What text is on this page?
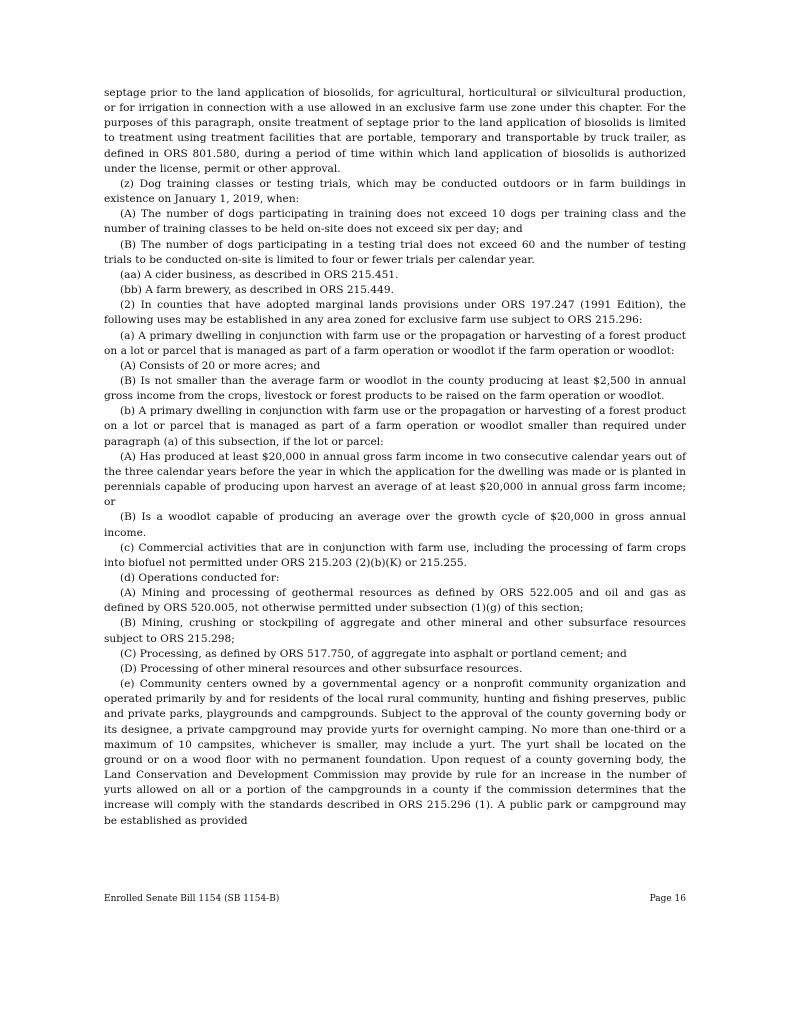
septage prior to the land application of biosolids, for agricultural, horticultural or silvicultural production, or for irrigation in connection with a use allowed in an exclusive farm use zone under this chapter. For the purposes of this paragraph, onsite treatment of septage prior to the land application of biosolids is limited to treatment using treatment facilities that are portable, temporary and transportable by truck trailer, as defined in ORS 801.580, during a period of time within which land application of biosolids is authorized under the license, permit or other approval.

(z) Dog training classes or testing trials, which may be conducted outdoors or in farm buildings in existence on January 1, 2019, when:

(A) The number of dogs participating in training does not exceed 10 dogs per training class and the number of training classes to be held on-site does not exceed six per day; and

(B) The number of dogs participating in a testing trial does not exceed 60 and the number of testing trials to be conducted on-site is limited to four or fewer trials per calendar year.

(aa) A cider business, as described in ORS 215.451.

(bb) A farm brewery, as described in ORS 215.449.

(2) In counties that have adopted marginal lands provisions under ORS 197.247 (1991 Edition), the following uses may be established in any area zoned for exclusive farm use subject to ORS 215.296:

(a) A primary dwelling in conjunction with farm use or the propagation or harvesting of a forest product on a lot or parcel that is managed as part of a farm operation or woodlot if the farm operation or woodlot:

(A) Consists of 20 or more acres; and

(B) Is not smaller than the average farm or woodlot in the county producing at least $2,500 in annual gross income from the crops, livestock or forest products to be raised on the farm operation or woodlot.

(b) A primary dwelling in conjunction with farm use or the propagation or harvesting of a forest product on a lot or parcel that is managed as part of a farm operation or woodlot smaller than required under paragraph (a) of this subsection, if the lot or parcel:

(A) Has produced at least $20,000 in annual gross farm income in two consecutive calendar years out of the three calendar years before the year in which the application for the dwelling was made or is planted in perennials capable of producing upon harvest an average of at least $20,000 in annual gross farm income; or

(B) Is a woodlot capable of producing an average over the growth cycle of $20,000 in gross annual income.

(c) Commercial activities that are in conjunction with farm use, including the processing of farm crops into biofuel not permitted under ORS 215.203 (2)(b)(K) or 215.255.

(d) Operations conducted for:

(A) Mining and processing of geothermal resources as defined by ORS 522.005 and oil and gas as defined by ORS 520.005, not otherwise permitted under subsection (1)(g) of this section;

(B) Mining, crushing or stockpiling of aggregate and other mineral and other subsurface resources subject to ORS 215.298;

(C) Processing, as defined by ORS 517.750, of aggregate into asphalt or portland cement; and

(D) Processing of other mineral resources and other subsurface resources.

(e) Community centers owned by a governmental agency or a nonprofit community organization and operated primarily by and for residents of the local rural community, hunting and fishing preserves, public and private parks, playgrounds and campgrounds. Subject to the approval of the county governing body or its designee, a private campground may provide yurts for overnight camping. No more than one-third or a maximum of 10 campsites, whichever is smaller, may include a yurt. The yurt shall be located on the ground or on a wood floor with no permanent foundation. Upon request of a county governing body, the Land Conservation and Development Commission may provide by rule for an increase in the number of yurts allowed on all or a portion of the campgrounds in a county if the commission determines that the increase will comply with the standards described in ORS 215.296 (1). A public park or campground may be established as provided

Enrolled Senate Bill 1154 (SB 1154-B)	Page 16
